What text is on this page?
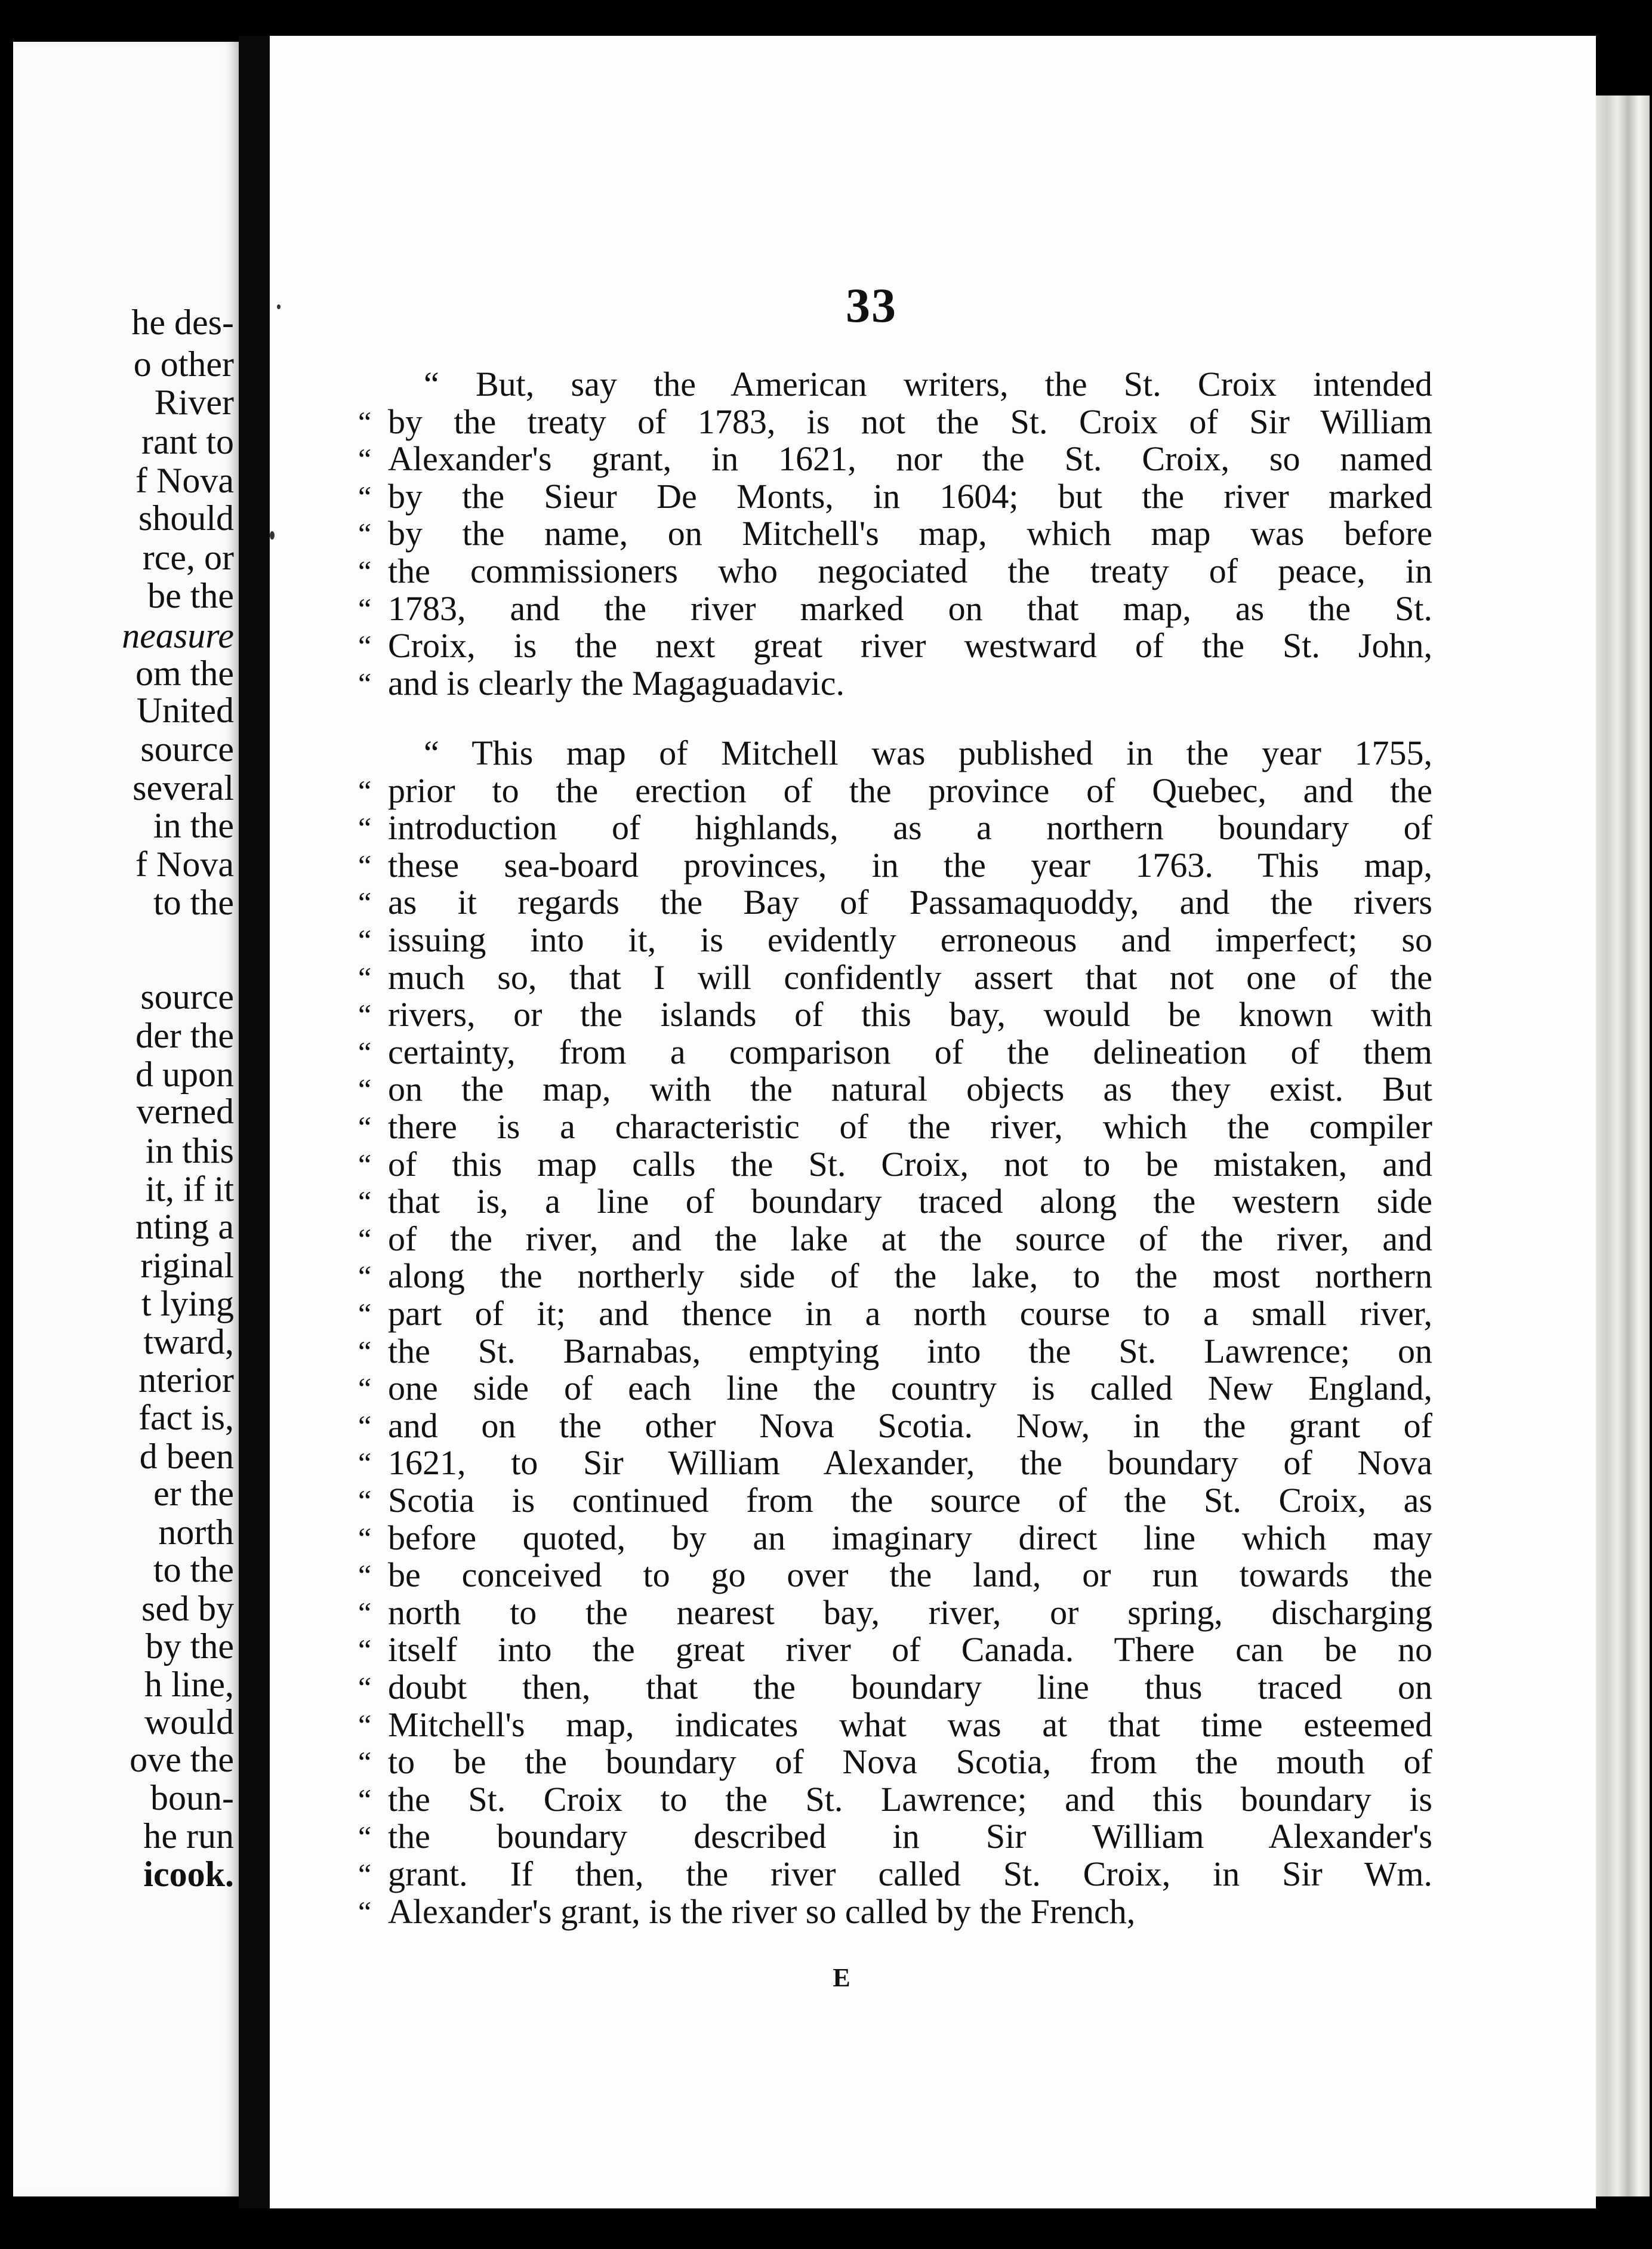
he des-
o other
River
rant to
f Nova
should
rce, or
be the
neasure
om the
United
source
several
in the
f Nova
to the
source
der the
d upon
verned
in this
it, if it
nting a
riginal
t lying
tward,
nterior
fact is,
d been
er the
north
to the
sed by
by the
h line,
would
ove the
boun-
he run
icook.
33
“ But, say the American writers, the St. Croix intended
“ by the treaty of 1783, is not the St. Croix of Sir William
“ Alexander's grant, in 1621, nor the St. Croix, so named
“ by the Sieur De Monts, in 1604; but the river marked
“ by the name, on Mitchell's map, which map was before
“ the commissioners who negociated the treaty of peace, in
“ 1783, and the river marked on that map, as the St.
“ Croix, is the next great river westward of the St. John,
“ and is clearly the Magaguadavic.
“ This map of Mitchell was published in the year 1755,
“ prior to the erection of the province of Quebec, and the
“ introduction of highlands, as a northern boundary of
“ these sea-board provinces, in the year 1763. This map,
“ as it regards the Bay of Passamaquoddy, and the rivers
“ issuing into it, is evidently erroneous and imperfect; so
“ much so, that I will confidently assert that not one of the
“ rivers, or the islands of this bay, would be known with
“ certainty, from a comparison of the delineation of them
“ on the map, with the natural objects as they exist. But
“ there is a characteristic of the river, which the compiler
“ of this map calls the St. Croix, not to be mistaken, and
“ that is, a line of boundary traced along the western side
“ of the river, and the lake at the source of the river, and
“ along the northerly side of the lake, to the most northern
“ part of it; and thence in a north course to a small river,
“ the St. Barnabas, emptying into the St. Lawrence; on
“ one side of each line the country is called New England,
“ and on the other Nova Scotia. Now, in the grant of
“ 1621, to Sir William Alexander, the boundary of Nova
“ Scotia is continued from the source of the St. Croix, as
“ before quoted, by an imaginary direct line which may
“ be conceived to go over the land, or run towards the
“ north to the nearest bay, river, or spring, discharging
“ itself into the great river of Canada. There can be no
“ doubt then, that the boundary line thus traced on
“ Mitchell's map, indicates what was at that time esteemed
“ to be the boundary of Nova Scotia, from the mouth of
“ the St. Croix to the St. Lawrence; and this boundary is
“ the boundary described in Sir William Alexander's
“ grant. If then, the river called St. Croix, in Sir Wm.
“ Alexander's grant, is the river so called by the French,
E
